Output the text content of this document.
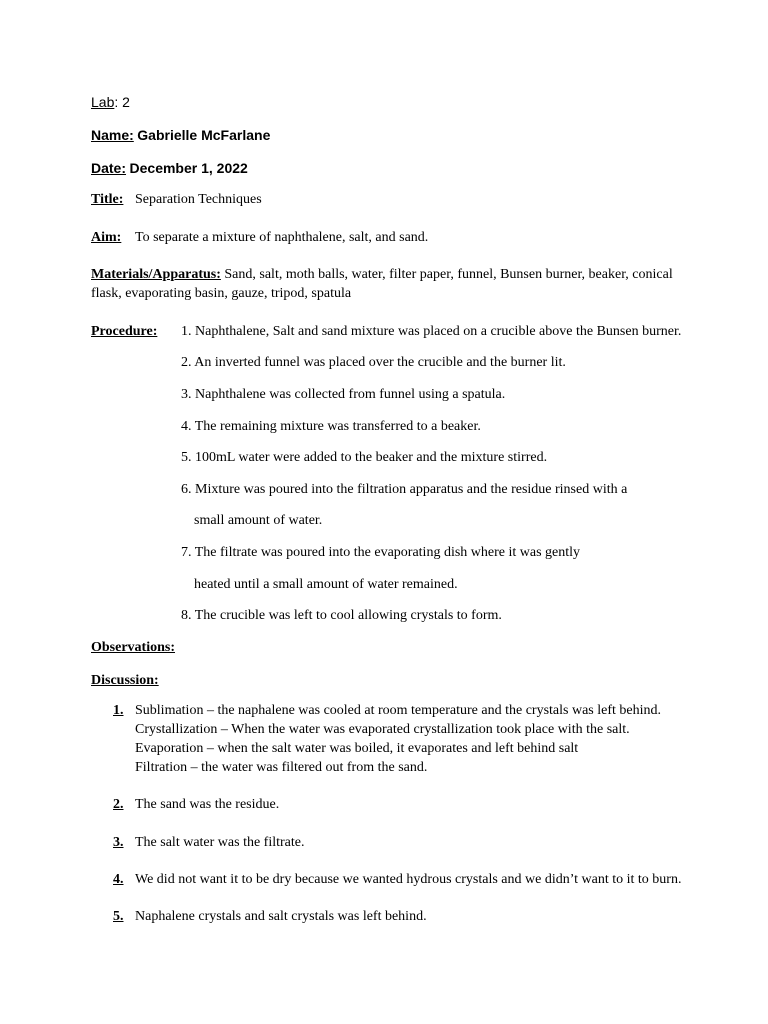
Lab: 2
Name: Gabrielle McFarlane
Date: December 1, 2022
Title: Separation Techniques
Aim: To separate a mixture of naphthalene, salt, and sand.
Materials/Apparatus: Sand, salt, moth balls, water, filter paper, funnel, Bunsen burner, beaker, conical
flask, evaporating basin, gauze, tripod, spatula
Procedure: 1. Naphthalene, Salt and sand mixture was placed on a crucible above the Bunsen burner.
2. An inverted funnel was placed over the crucible and the burner lit.
3. Naphthalene was collected from funnel using a spatula.
4. The remaining mixture was transferred to a beaker.
5. 100mL water were added to the beaker and the mixture stirred.
6. Mixture was poured into the filtration apparatus and the residue rinsed with a
small amount of water.
7. The filtrate was poured into the evaporating dish where it was gently
heated until a small amount of water remained.
8. The crucible was left to cool allowing crystals to form.
Observations:
Discussion:
1. Sublimation – the naphalene was cooled at room temperature and the crystals was left behind.
Crystallization – When the water was evaporated crystallization took place with the salt.
Evaporation – when the salt water was boiled, it evaporates and left behind salt
Filtration – the water was filtered out from the sand.
2. The sand was the residue.
3. The salt water was the filtrate.
4. We did not want it to be dry because we wanted hydrous crystals and we didn’t want to it to burn.
5. Naphalene crystals and salt crystals was left behind.
